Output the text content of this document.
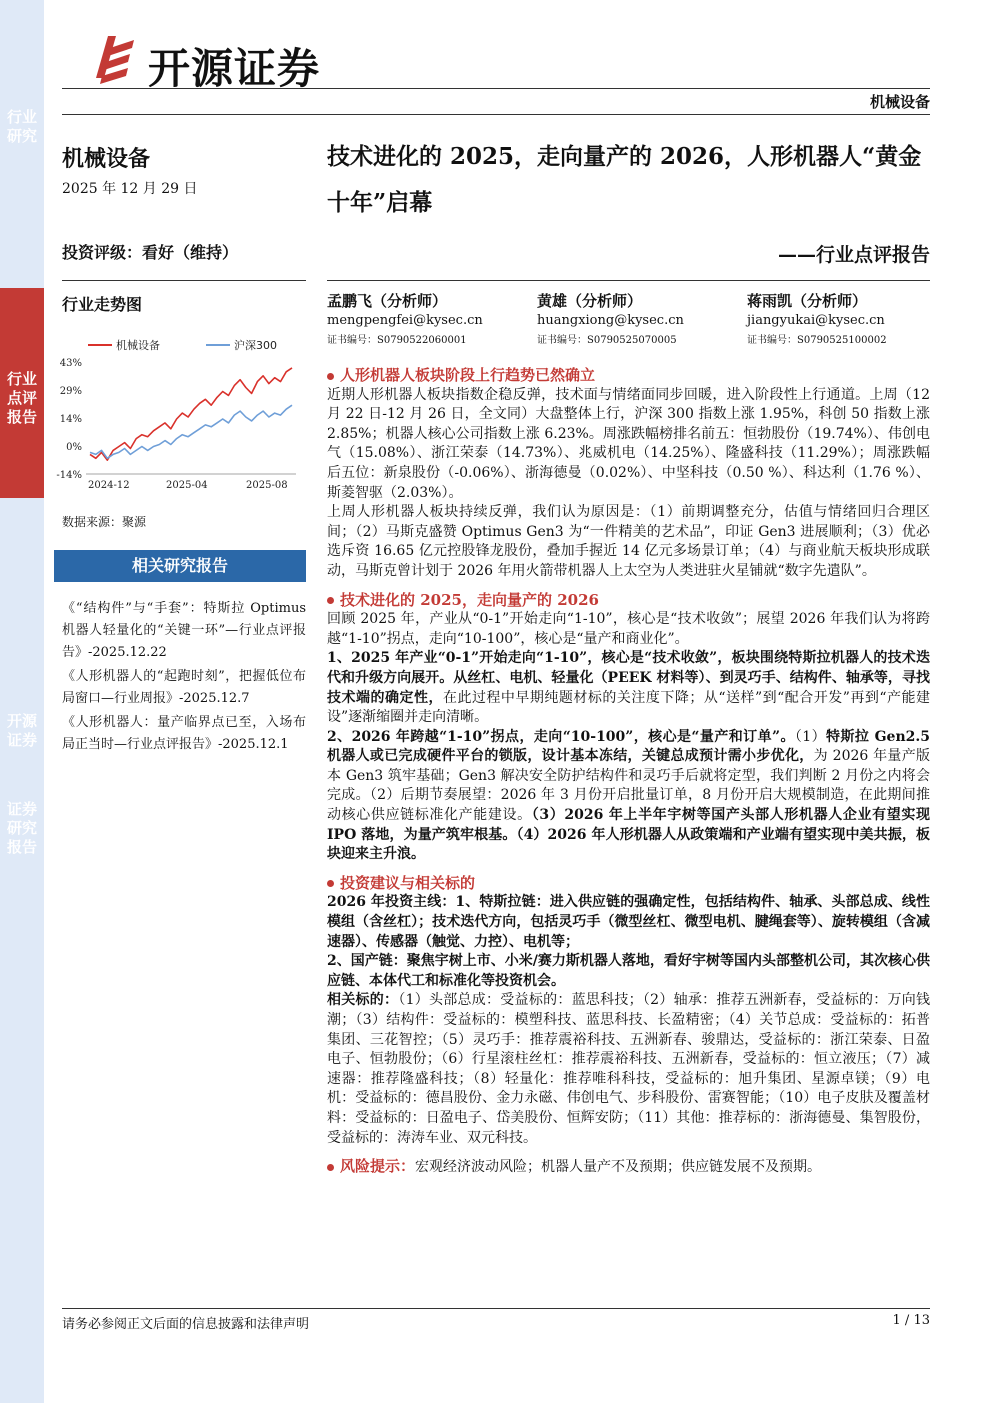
行业研究
行业点评报告
开源证券
证券研究报告
开源证券
机械设备
机械设备
2025 年 12 月 29 日
投资评级：看好（维持）
行业走势图
机械设备	沪深300
43%
29%
14%
0%
-14%
2024-12	2025-04	2025-08
数据来源：聚源
相关研究报告

《“结构件”与“手套”：特斯拉 Optimus 机器人轻量化的“关键一环”—行业点评报告》-2025.12.22

《人形机器人的“起跑时刻”，把握低位布局窗口—行业周报》-2025.12.7

《人形机器人：量产临界点已至，入场布局正当时—行业点评报告》-2025.12.1

技术进化的 2025，走向量产的 2026，人形机器人“黄金十年”启幕
——行业点评报告
孟鹏飞（分析师）
mengpengfei@kysec.cn
证书编号：S0790522060001
黄雄（分析师）
huangxiong@kysec.cn
证书编号：S0790525070005
蒋雨凯（分析师）
jiangyukai@kysec.cn
证书编号：S0790525100002

人形机器人板块阶段上行趋势已然确立

近期人形机器人板块指数企稳反弹，技术面与情绪面同步回暖，进入阶段性上行通道。上周（12 月 22 日-12 月 26 日，全文同）大盘整体上行，沪深 300 指数上涨 1.95%，科创 50 指数上涨 2.85%；机器人核心公司指数上涨 6.23%。周涨跌幅榜排名前五：恒勃股份（19.74%）、伟创电气（15.08%）、浙江荣泰（14.73%）、兆威机电（14.25%）、隆盛科技（11.29%）；周涨跌幅后五位：新泉股份（-0.06%）、浙海德曼（0.02%）、中坚科技（0.50 %）、科达利（1.76 %）、斯菱智驱（2.03%）。

上周人形机器人板块持续反弹，我们认为原因是：（1）前期调整充分，估值与情绪回归合理区间；（2）马斯克盛赞 Optimus Gen3 为“一件精美的艺术品”，印证 Gen3 进展顺利；（3）优必选斥资 16.65 亿元控股锋龙股份，叠加手握近 14 亿元多场景订单；（4）与商业航天板块形成联动，马斯克曾计划于 2026 年用火箭带机器人上太空为人类进驻火星铺就“数字先遣队”。

技术进化的 2025，走向量产的 2026

回顾 2025 年，产业从“0-1”开始走向“1-10”，核心是“技术收敛”；展望 2026 年我们认为将跨越“1-10”拐点，走向“10-100”，核心是“量产和商业化”。

1、2025 年产业“0-1”开始走向“1-10”，核心是“技术收敛”，板块围绕特斯拉机器人的技术迭代和升级方向展开。从丝杠、电机、轻量化（PEEK 材料等）、到灵巧手、结构件、轴承等，寻找技术端的确定性，在此过程中早期纯题材标的关注度下降；从“送样”到“配合开发”再到“产能建设”逐渐缩圈并走向清晰。

2、2026 年跨越“1-10”拐点，走向“10-100”，核心是“量产和订单”。（1）特斯拉 Gen2.5 机器人或已完成硬件平台的锁版，设计基本冻结，关键总成预计需小步优化，为 2026 年量产版本 Gen3 筑牢基础；Gen3 解决安全防护结构件和灵巧手后就将定型，我们判断 2 月份之内将会完成。（2）后期节奏展望：2026 年 3 月份开启批量订单，8 月份开启大规模制造，在此期间推动核心供应链标准化产能建设。（3）2026 年上半年宇树等国产头部人形机器人企业有望实现 IPO 落地，为量产筑牢根基。（4）2026 年人形机器人从政策端和产业端有望实现中美共振，板块迎来主升浪。

投资建议与相关标的

2026 年投资主线：1、特斯拉链：进入供应链的强确定性，包括结构件、轴承、头部总成、线性模组（含丝杠）；技术迭代方向，包括灵巧手（微型丝杠、微型电机、腱绳套等）、旋转模组（含减速器）、传感器（触觉、力控）、电机等；

2、国产链：聚焦宇树上市、小米/赛力斯机器人落地，看好宇树等国内头部整机公司，其次核心供应链、本体代工和标准化等投资机会。

相关标的：（1）头部总成：受益标的：蓝思科技；（2）轴承：推荐五洲新春，受益标的：万向钱潮；（3）结构件：受益标的：模塑科技、蓝思科技、长盈精密；（4）关节总成：受益标的：拓普集团、三花智控；（5）灵巧手：推荐震裕科技、五洲新春、骏鼎达，受益标的：浙江荣泰、日盈电子、恒勃股份；（6）行星滚柱丝杠：推荐震裕科技、五洲新春，受益标的：恒立液压；（7）减速器：推荐隆盛科技；（8）轻量化：推荐唯科科技，受益标的：旭升集团、星源卓镁；（9）电机：受益标的：德昌股份、金力永磁、伟创电气、步科股份、雷赛智能；（10）电子皮肤及覆盖材料：受益标的：日盈电子、岱美股份、恒辉安防；（11）其他：推荐标的：浙海德曼、集智股份，受益标的：涛涛车业、双元科技。

风险提示：宏观经济波动风险；机器人量产不及预期；供应链发展不及预期。

请务必参阅正文后面的信息披露和法律声明	1 / 13
